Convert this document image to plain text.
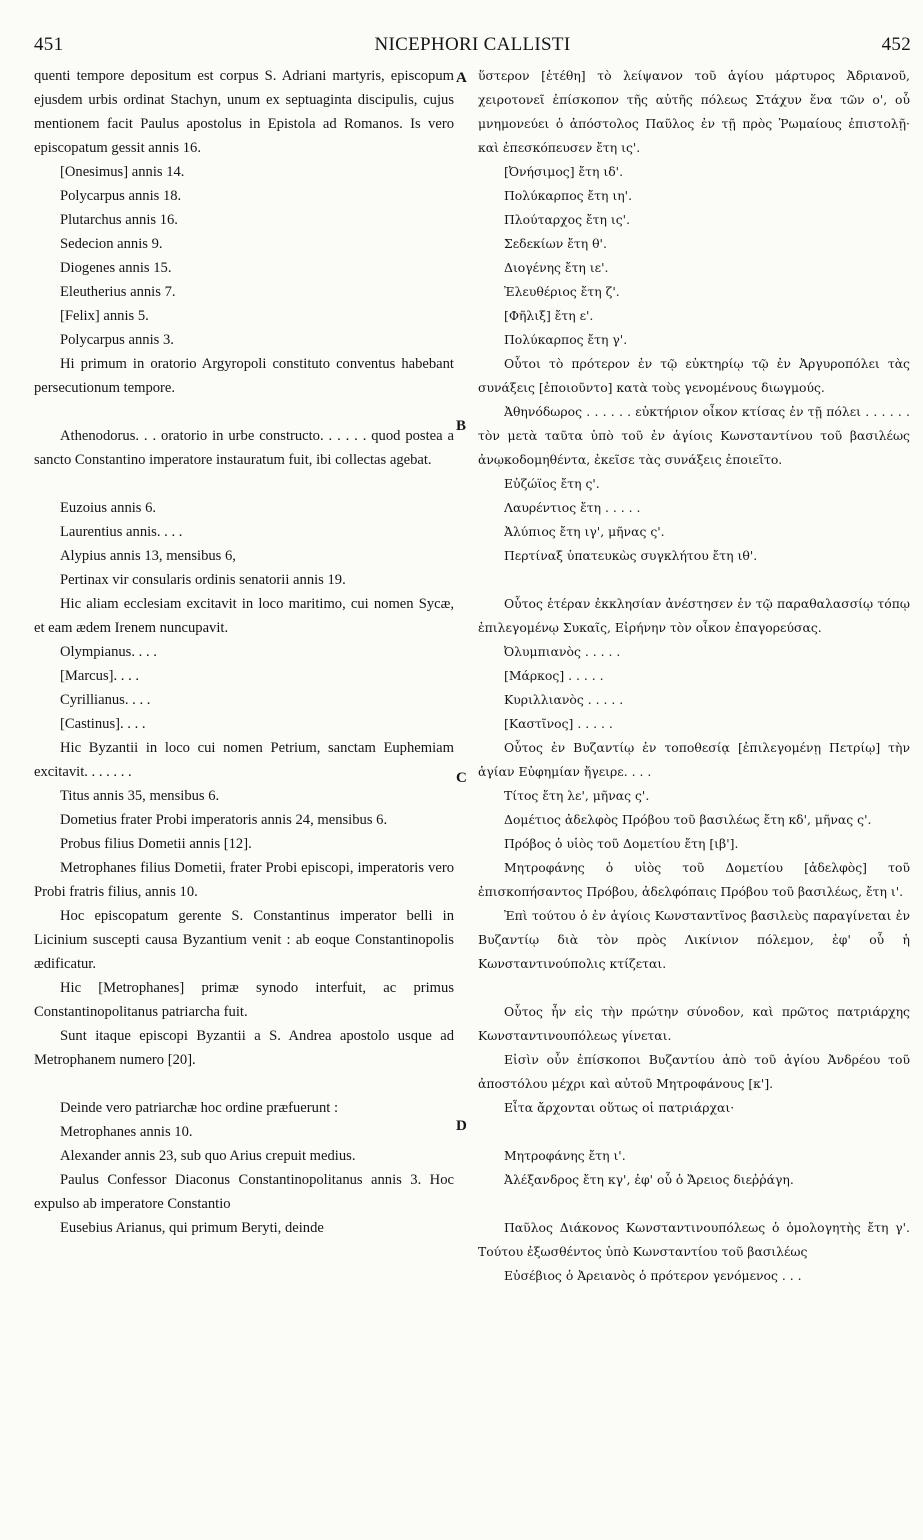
451	NICEPHORI CALLISTI	452
quenti tempore depositum est corpus S. Adriani martyris, episcopum ejusdem urbis ordinat Stachyn, unum ex septuaginta discipulis, cujus mentionem facit Paulus apostolus in Epistola ad Romanos. Is vero episcopatum gessit annis 16.
[Onesimus] annis 14.
Polycarpus annis 18.
Plutarchus annis 16.
Sedecion annis 9.
Diogenes annis 15.
Eleutherius annis 7.
[Felix] annis 5.
Polycarpus annis 3.
Hi primum in oratorio Argyropoli constituto conventus habebant persecutionum tempore.
Athenodorus. . . oratorio in urbe constructo. . . . . . quod postea a sancto Constantino imperatore instauratum fuit, ibi collectas agebat.
Euzoius annis 6.
Laurentius annis. . . .
Alypius annis 13, mensibus 6,
Pertinax vir consularis ordinis senatorii annis 19.
Hic aliam ecclesiam excitavit in loco maritimo, cui nomen Sycæ, et eam ædem Irenem nuncupavit.
Olympianus. . . .
[Marcus]. . . .
Cyrillianus. . . .
[Castinus]. . . .
Hic Byzantii in loco cui nomen Petrium, sanctam Euphemiam excitavit. . . . . . .
Titus annis 35, mensibus 6.
Dometius frater Probi imperatoris annis 24, mensibus 6.
Probus filius Dometii annis [12].
Metrophanes filius Dometii, frater Probi episcopi, imperatoris vero Probi fratris filius, annis 10.
Hoc episcopatum gerente S. Constantinus imperator belli in Licinium suscepti causa Byzantium venit : ab eoque Constantinopolis ædificatur.
Hic [Metrophanes] primæ synodo interfuit, ac primus Constantinopolitanus patriarcha fuit.
Sunt itaque episcopi Byzantii a S. Andrea apostolo usque ad Metrophanem numero [20].
Deinde vero patriarchæ hoc ordine præfuerunt :
Metrophanes annis 10.
Alexander annis 23, sub quo Arius crepuit medius.
Paulus Confessor Diaconus Constantinopolitanus annis 3. Hoc expulso ab imperatore Constantio
Eusebius Arianus, qui primum Beryti, deinde
A
B
C
D
ὕστερον [ἐτέθη] τὸ λείψανον τοῦ ἁγίου μάρτυρος Ἀδριανοῦ, χειροτονεῖ ἐπίσκοπον τῆς αὐτῆς πόλεως Στάχυν ἕνα τῶν ο', οὗ μνημονεύει ὁ ἀπόστολος Παῦλος ἐν τῇ πρὸς Ῥωμαίους ἐπιστολῇ· καὶ ἐπεσκόπευσεν ἔτη ις'.
[Ὀνήσιμος] ἔτη ιδ'.
Πολύκαρπος ἔτη ιη'.
Πλούταρχος ἔτη ις'.
Σεδεκίων ἔτη θ'.
Διογένης ἔτη ιε'.
Ἐλευθέριος ἔτη ζ'.
[Φῆλιξ] ἔτη ε'.
Πολύκαρπος ἔτη γ'.
Οὗτοι τὸ πρότερον ἐν τῷ εὐκτηρίῳ τῷ ἐν Ἀργυροπόλει τὰς συνάξεις [ἐποιοῦντο] κατὰ τοὺς γενομένους διωγμούς.
Ἀθηνόδωρος . . . . . . εὐκτήριον οἶκον κτίσας ἐν τῇ πόλει . . . . . . τὸν μετὰ ταῦτα ὑπὸ τοῦ ἐν ἁγίοις Κωνσταντίνου τοῦ βασιλέως ἀνῳκοδομηθέντα, ἐκεῖσε τὰς συνάξεις ἐποιεῖτο.
Εὐζώϊος ἔτη ς'.
Λαυρέντιος ἔτη . . . . .
Ἀλύπιος ἔτη ιγ', μῆνας ς'.
Περτίναξ ὑπατευκὼς συγκλήτου ἔτη ιθ'.
Οὗτος ἑτέραν ἐκκλησίαν ἀνέστησεν ἐν τῷ παραθαλασσίῳ τόπῳ ἐπιλεγομένῳ Συκαῖς, Εἰρήνην τὸν οἶκον ἐπαγορεύσας.
Ὀλυμπιανὸς . . . . .
[Μάρκος] . . . . .
Κυριλλιανὸς . . . . .
[Καστῖνος] . . . . .
Οὗτος ἐν Βυζαντίῳ ἐν τοποθεσίᾳ [ἐπιλεγομένῃ Πετρίῳ] τὴν ἁγίαν Εὐφημίαν ἤγειρε. . . .
Τίτος ἔτη λε', μῆνας ς'.
Δομέτιος ἀδελφὸς Πρόβου τοῦ βασιλέως ἔτη κδ', μῆνας ς'.
Πρόβος ὁ υἱὸς τοῦ Δομετίου ἔτη [ιβ'].
Μητροφάνης ὁ υἱὸς τοῦ Δομετίου [ἀδελφὸς] τοῦ ἐπισκοπήσαντος Πρόβου, ἀδελφόπαις Πρόβου τοῦ βασιλέως, ἔτη ι'.
Ἐπὶ τούτου ὁ ἐν ἁγίοις Κωνσταντῖνος βασιλεὺς παραγίνεται ἐν Βυζαντίῳ διὰ τὸν πρὸς Λικίνιον πόλεμον, ἐφ' οὗ ἡ Κωνσταντινούπολις κτίζεται.
Οὗτος ἦν εἰς τὴν πρώτην σύνοδον, καὶ πρῶτος πατριάρχης Κωνσταντινουπόλεως γίνεται.
Εἰσὶν οὖν ἐπίσκοποι Βυζαντίου ἀπὸ τοῦ ἁγίου Ἀνδρέου τοῦ ἀποστόλου μέχρι καὶ αὐτοῦ Μητροφάνους [κ'].
Εἶτα ἄρχονται οὕτως οἱ πατριάρχαι·
Μητροφάνης ἔτη ι'.
Ἀλέξανδρος ἔτη κγ', ἐφ' οὗ ὁ Ἄρειος διεῤῥάγη.
Παῦλος Διάκονος Κωνσταντινουπόλεως ὁ ὁμολογητὴς ἔτη γ'. Τούτου ἐξωσθέντος ὑπὸ Κωνσταντίου τοῦ βασιλέως
Εὐσέβιος ὁ Ἀρειανὸς ὁ πρότερον γενόμενος . . .
